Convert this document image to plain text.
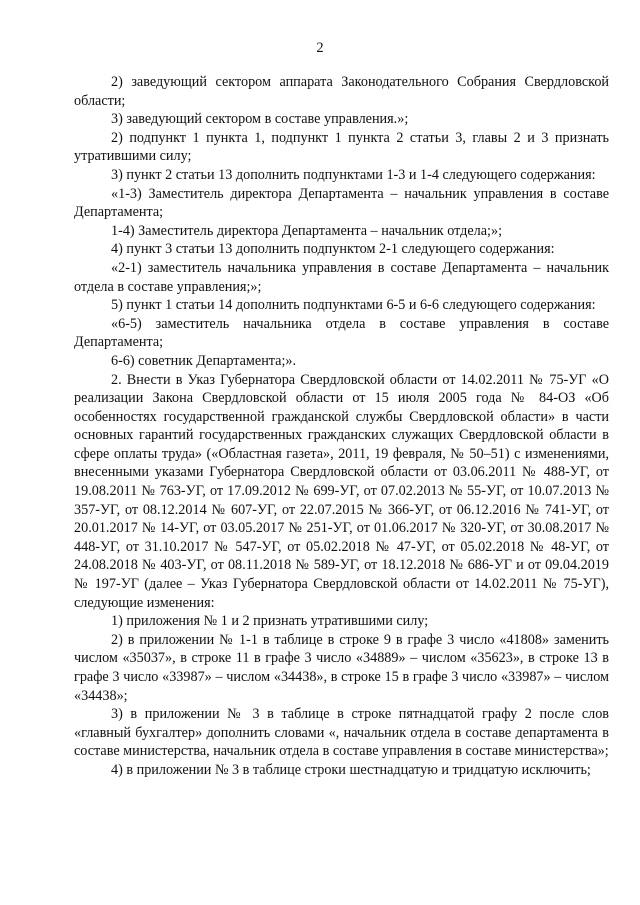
2

2) заведующий сектором аппарата Законодательного Собрания Свердловской области;

3) заведующий сектором в составе управления.»;

2) подпункт 1 пункта 1, подпункт 1 пункта 2 статьи 3, главы 2 и 3 признать утратившими силу;

3) пункт 2 статьи 13 дополнить подпунктами 1-3 и 1-4 следующего содержания:

«1-3) Заместитель директора Департамента – начальник управления в составе Департамента;

1-4) Заместитель директора Департамента – начальник отдела;»;

4) пункт 3 статьи 13 дополнить подпунктом 2-1 следующего содержания:

«2-1) заместитель начальника управления в составе Департамента – начальник отдела в составе управления;»;

5) пункт 1 статьи 14 дополнить подпунктами 6-5 и 6-6 следующего содержания:

«6-5) заместитель начальника отдела в составе управления в составе Департамента;

6-6) советник Департамента;».

2. Внести в Указ Губернатора Свердловской области от 14.02.2011 № 75-УГ «О реализации Закона Свердловской области от 15 июля 2005 года № 84-ОЗ «Об особенностях государственной гражданской службы Свердловской области» в части основных гарантий государственных гражданских служащих Свердловской области в сфере оплаты труда» («Областная газета», 2011, 19 февраля, № 50–51) с изменениями, внесенными указами Губернатора Свердловской области от 03.06.2011 № 488-УГ, от 19.08.2011 № 763-УГ, от 17.09.2012 № 699-УГ, от 07.02.2013 № 55-УГ, от 10.07.2013 № 357-УГ, от 08.12.2014 № 607-УГ, от 22.07.2015 № 366-УГ, от 06.12.2016 № 741-УГ, от 20.01.2017 № 14-УГ, от 03.05.2017 № 251-УГ, от 01.06.2017 № 320-УГ, от 30.08.2017 № 448-УГ, от 31.10.2017 № 547-УГ, от 05.02.2018 № 47-УГ, от 05.02.2018 № 48-УГ, от 24.08.2018 № 403-УГ, от 08.11.2018 № 589-УГ, от 18.12.2018 № 686-УГ и от 09.04.2019 № 197-УГ (далее – Указ Губернатора Свердловской области от 14.02.2011 № 75-УГ), следующие изменения:

1) приложения № 1 и 2 признать утратившими силу;

2) в приложении № 1-1 в таблице в строке 9 в графе 3 число «41808» заменить числом «35037», в строке 11 в графе 3 число «34889» – числом «35623», в строке 13 в графе 3 число «33987» – числом «34438», в строке 15 в графе 3 число «33987» – числом «34438»;

3) в приложении № 3 в таблице в строке пятнадцатой графу 2 после слов «главный бухгалтер» дополнить словами «, начальник отдела в составе департамента в составе министерства, начальник отдела в составе управления в составе министерства»;

4) в приложении № 3 в таблице строки шестнадцатую и тридцатую исключить;
